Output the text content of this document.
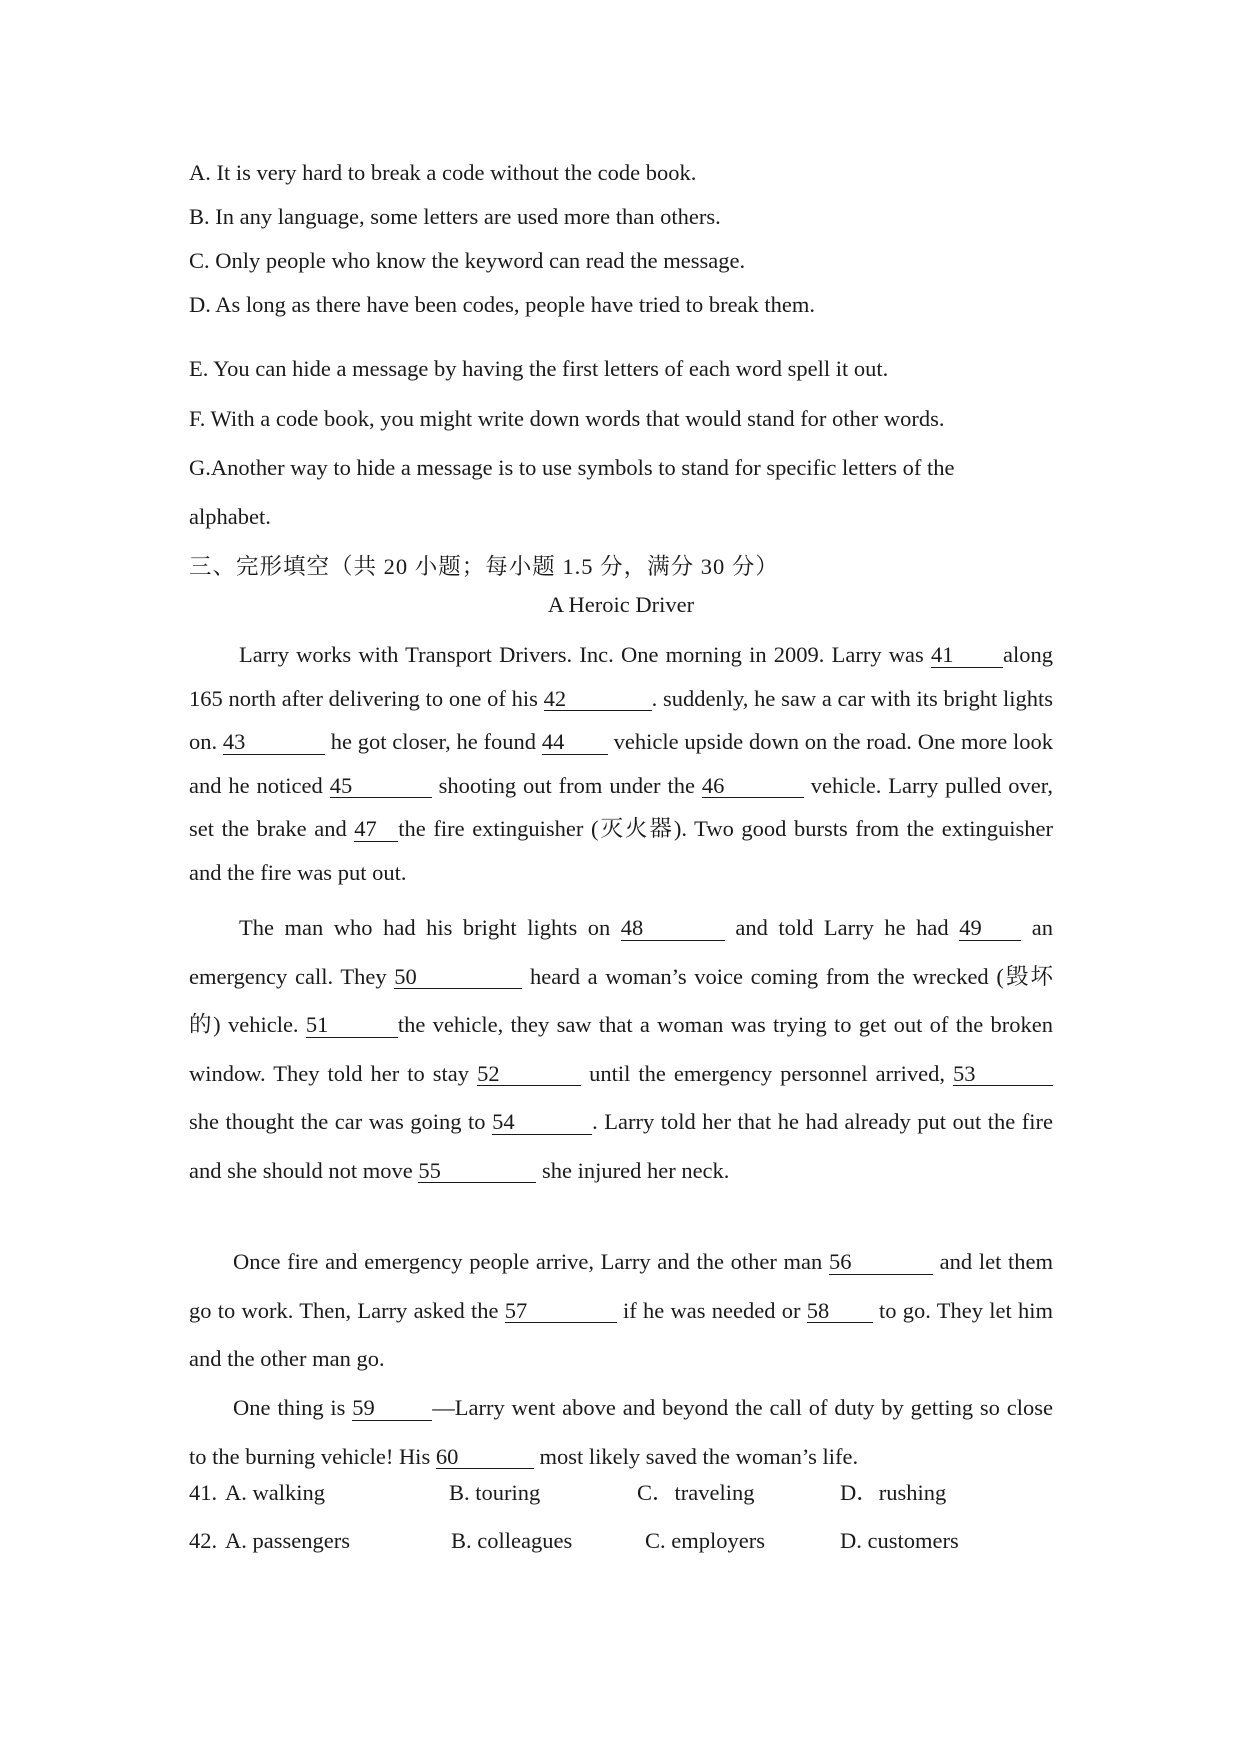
A. It is very hard to break a code without the code book.
B. In any language, some letters are used more than others.
C. Only people who know the keyword can read the message.
D. As long as there have been codes, people have tried to break them.
E. You can hide a message by having the first letters of each word spell it out.
F. With a code book, you might write down words that would stand for other words.
G.Another way to hide a message is to use symbols to stand for specific letters of the
alphabet.
三、完形填空（共 20 小题；每小题 1.5 分，满分 30 分）
A Heroic Driver
Larry works with Transport Drivers. Inc. One morning in 2009. Larry was 41 along 165 north after delivering to one of his 42	. suddenly, he saw a car with its bright lights on. 43	he got closer, he found 44 vehicle upside down on the road. One more look and he noticed 45	shooting out from under the 46	vehicle. Larry pulled over, set the brake and 47 the fire extinguisher (灭火器). Two good bursts from the extinguisher and the fire was put out.
The man who had his bright lights on 48	and told Larry he had 49 an emergency call. They 50	heard a woman’s voice coming from the wrecked (毁坏的) vehicle. 51	the vehicle, they saw that a woman was trying to get out of the broken window. They told her to stay 52	until the emergency personnel arrived, 53 she thought the car was going to 54	. Larry told her that he had already put out the fire and she should not move 55	she injured her neck.
Once fire and emergency people arrive, Larry and the other man 56	and let them go to work. Then, Larry asked the 57	if he was needed or 58 to go. They let him and the other man go.
One thing is 59	—Larry went above and beyond the call of duty by getting so close to the burning vehicle! His 60	most likely saved the woman’s life.
41. A. walking	B. touring	C．traveling	D．rushing
42. A. passengers	B. colleagues	C. employers	D. customers
